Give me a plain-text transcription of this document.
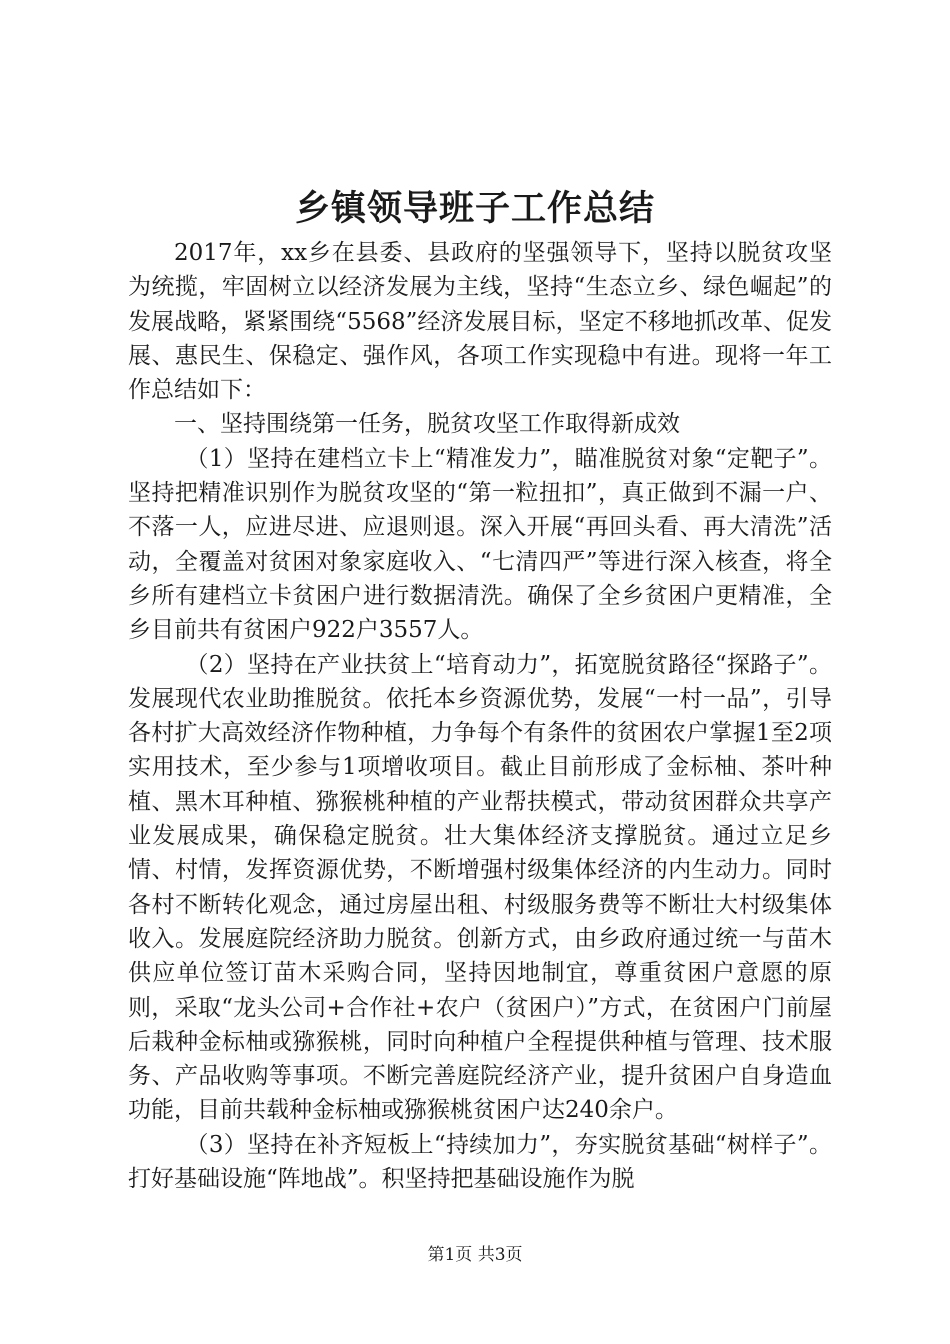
乡镇领导班子工作总结

2017年，xx乡在县委、县政府的坚强领导下，坚持以脱贫攻坚为统揽，牢固树立以经济发展为主线，坚持“生态立乡、绿色崛起”的发展战略，紧紧围绕“5568”经济发展目标，坚定不移地抓改革、促发展、惠民生、保稳定、强作风，各项工作实现稳中有进。现将一年工作总结如下：

一、坚持围绕第一任务，脱贫攻坚工作取得新成效

（1）坚持在建档立卡上“精准发力”，瞄准脱贫对象“定靶子”。坚持把精准识别作为脱贫攻坚的“第一粒扭扣”，真正做到不漏一户、不落一人，应进尽进、应退则退。深入开展“再回头看、再大清洗”活动，全覆盖对贫困对象家庭收入、“七清四严”等进行深入核查，将全乡所有建档立卡贫困户进行数据清洗。确保了全乡贫困户更精准，全乡目前共有贫困户922户3557人。

（2）坚持在产业扶贫上“培育动力”，拓宽脱贫路径“探路子”。发展现代农业助推脱贫。依托本乡资源优势，发展“一村一品”，引导各村扩大高效经济作物种植，力争每个有条件的贫困农户掌握1至2项实用技术，至少参与1项增收项目。截止目前形成了金标柚、茶叶种植、黑木耳种植、猕猴桃种植的产业帮扶模式，带动贫困群众共享产业发展成果，确保稳定脱贫。壮大集体经济支撑脱贫。通过立足乡情、村情，发挥资源优势，不断增强村级集体经济的内生动力。同时各村不断转化观念，通过房屋出租、村级服务费等不断壮大村级集体收入。发展庭院经济助力脱贫。创新方式，由乡政府通过统一与苗木供应单位签订苗木采购合同，坚持因地制宜，尊重贫困户意愿的原则，采取“龙头公司+合作社+农户（贫困户）”方式，在贫困户门前屋后栽种金标柚或猕猴桃，同时向种植户全程提供种植与管理、技术服务、产品收购等事项。不断完善庭院经济产业，提升贫困户自身造血功能，目前共载种金标柚或猕猴桃贫困户达240余户。

（3）坚持在补齐短板上“持续加力”，夯实脱贫基础“树样子”。打好基础设施“阵地战”。积坚持把基础设施作为脱

第1页 共3页
